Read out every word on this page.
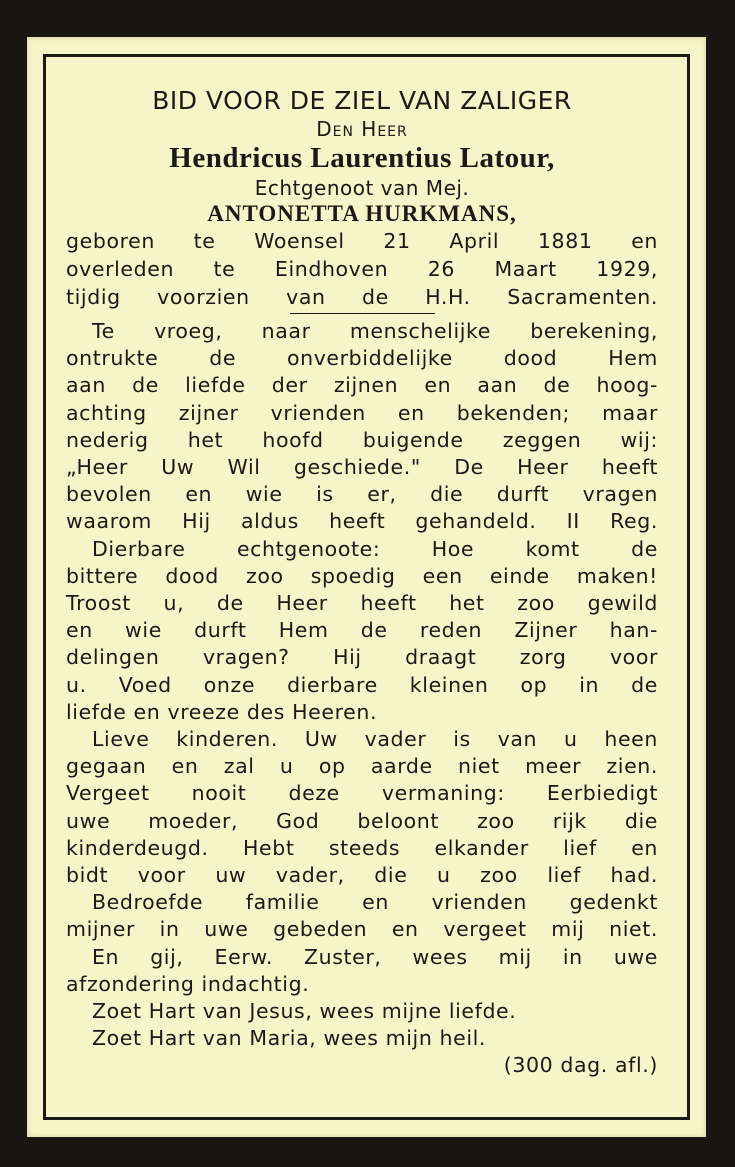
BID VOOR DE ZIEL VAN ZALIGER
Den Heer
Hendricus Laurentius Latour,
Echtgenoot van Mej.
ANTONETTA HURKMANS,
geboren te Woensel 21 April 1881 en
overleden te Eindhoven 26 Maart 1929,
tijdig voorzien van de H.H. Sacramenten.
Te vroeg, naar menschelijke berekening,
ontrukte de onverbiddelijke dood Hem
aan de liefde der zijnen en aan de hoog-
achting zijner vrienden en bekenden; maar
nederig het hoofd buigende zeggen wij:
„Heer Uw Wil geschiede." De Heer heeft
bevolen en wie is er, die durft vragen
waarom Hij aldus heeft gehandeld. II Reg.
Dierbare echtgenoote: Hoe komt de
bittere dood zoo spoedig een einde maken!
Troost u, de Heer heeft het zoo gewild
en wie durft Hem de reden Zijner han-
delingen vragen? Hij draagt zorg voor
u. Voed onze dierbare kleinen op in de
liefde en vreeze des Heeren.
Lieve kinderen. Uw vader is van u heen
gegaan en zal u op aarde niet meer zien.
Vergeet nooit deze vermaning: Eerbiedigt
uwe moeder, God beloont zoo rijk die
kinderdeugd. Hebt steeds elkander lief en
bidt voor uw vader, die u zoo lief had.
Bedroefde familie en vrienden gedenkt
mijner in uwe gebeden en vergeet mij niet.
En gij, Eerw. Zuster, wees mij in uwe
afzondering indachtig.
Zoet Hart van Jesus, wees mijne liefde.
Zoet Hart van Maria, wees mijn heil.
(300 dag. afl.)
